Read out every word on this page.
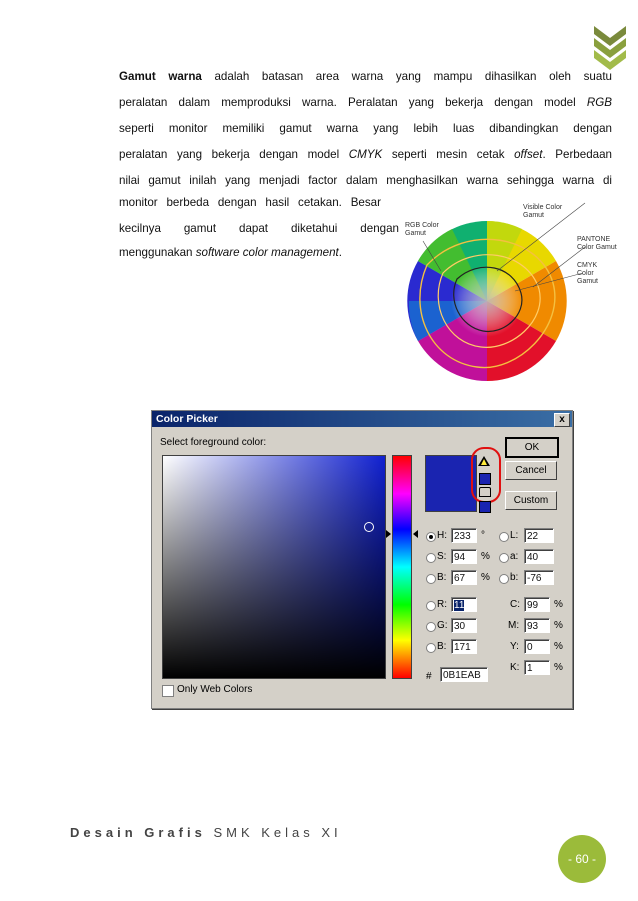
Gamut warna adalah batasan area warna yang mampu dihasilkan oleh suatu
peralatan dalam memproduksi warna. Peralatan yang bekerja dengan model RGB
seperti monitor memiliki gamut warna yang lebih luas dibandingkan dengan
peralatan yang bekerja dengan model CMYK seperti mesin cetak offset. Perbedaan
nilai gamut inilah yang menjadi factor dalam menghasilkan warna sehingga warna di
monitor berbeda dengan hasil cetakan. Besar
kecilnya gamut dapat diketahui dengan
menggunakan software color management.
Visible Color Gamut
RGB Color Gamut
PANTONE Color Gamut
CMYK Color Gamut
Color Picker	x
Select foreground color:	OK
Cancel
Custom
H: 233	°
S: 94	%
B: 67	%
R: 11
G: 30
B: 171
L: 22
a: 40
b: -76
C: 99	%
M: 93	%
Y: 0	%
K: 1	%
#	0B1EAB
Only Web Colors
Desain Grafis SMK Kelas XI
- 60 -
